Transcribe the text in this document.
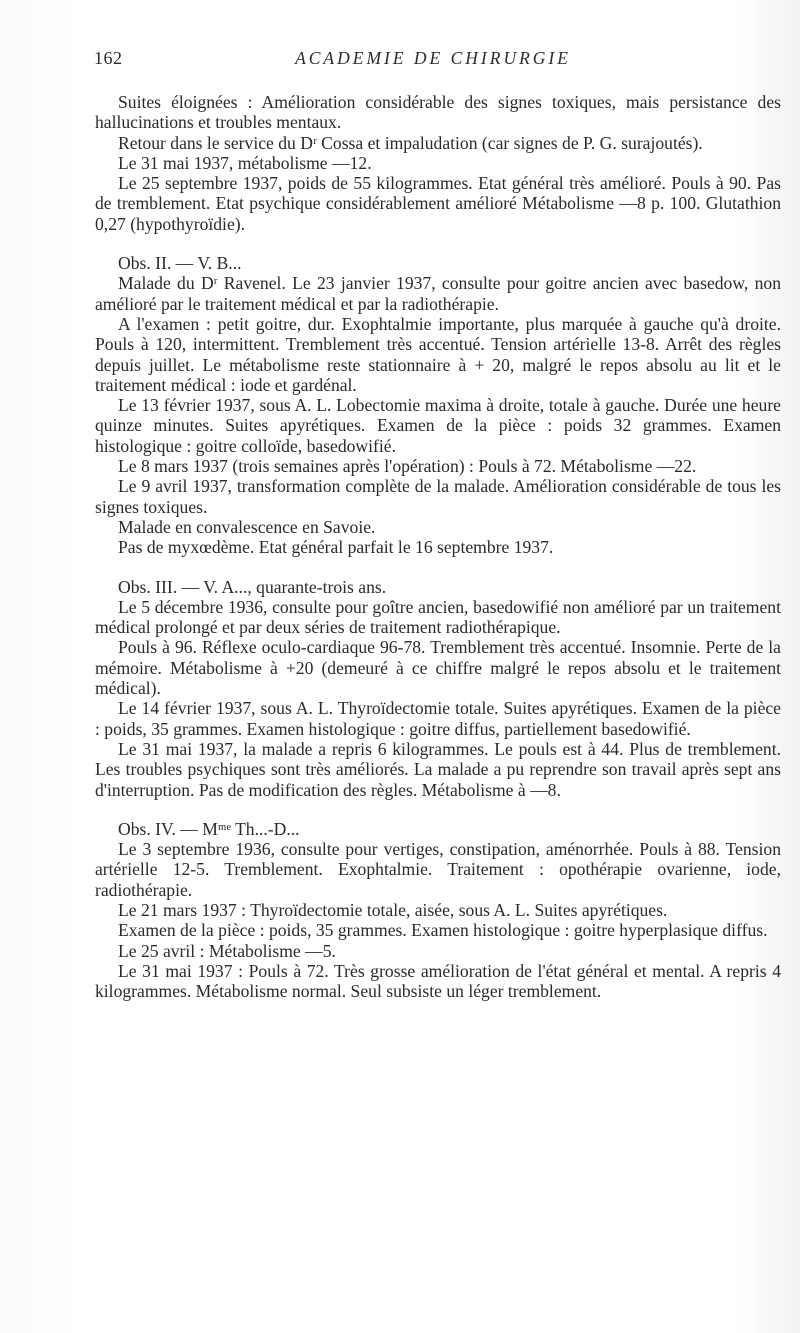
162	ACADEMIE DE CHIRURGIE

Suites éloignées : Amélioration considérable des signes toxiques, mais persistance des hallucinations et troubles mentaux.

Retour dans le service du Dʳ Cossa et impaludation (car signes de P. G. surajoutés).

Le 31 mai 1937, métabolisme —12.

Le 25 septembre 1937, poids de 55 kilogrammes. Etat général très amélioré. Pouls à 90. Pas de tremblement. Etat psychique considérablement amélioré Métabolisme —8 p. 100. Glutathion 0,27 (hypothyroïdie).

Obs. II. — V. B...

Malade du Dʳ Ravenel. Le 23 janvier 1937, consulte pour goitre ancien avec basedow, non amélioré par le traitement médical et par la radiothérapie.

A l'examen : petit goitre, dur. Exophtalmie importante, plus marquée à gauche qu'à droite. Pouls à 120, intermittent. Tremblement très accentué. Tension artérielle 13-8. Arrêt des règles depuis juillet. Le métabolisme reste stationnaire à + 20, malgré le repos absolu au lit et le traitement médical : iode et gardénal.

Le 13 février 1937, sous A. L. Lobectomie maxima à droite, totale à gauche. Durée une heure quinze minutes. Suites apyrétiques. Examen de la pièce : poids 32 grammes. Examen histologique : goitre colloïde, basedowifié.

Le 8 mars 1937 (trois semaines après l'opération) : Pouls à 72. Métabolisme —22.

Le 9 avril 1937, transformation complète de la malade. Amélioration considérable de tous les signes toxiques.

Malade en convalescence en Savoie.

Pas de myxœdème. Etat général parfait le 16 septembre 1937.

Obs. III. — V. A..., quarante-trois ans.

Le 5 décembre 1936, consulte pour goître ancien, basedowifié non amélioré par un traitement médical prolongé et par deux séries de traitement radiothérapique.

Pouls à 96. Réflexe oculo-cardiaque 96-78. Tremblement très accentué. Insomnie. Perte de la mémoire. Métabolisme à +20 (demeuré à ce chiffre malgré le repos absolu et le traitement médical).

Le 14 février 1937, sous A. L. Thyroïdectomie totale. Suites apyrétiques. Examen de la pièce : poids, 35 grammes. Examen histologique : goitre diffus, partiellement basedowifié.

Le 31 mai 1937, la malade a repris 6 kilogrammes. Le pouls est à 44. Plus de tremblement. Les troubles psychiques sont très améliorés. La malade a pu reprendre son travail après sept ans d'interruption. Pas de modification des règles. Métabolisme à —8.

Obs. IV. — Mᵐᵉ Th...-D...

Le 3 septembre 1936, consulte pour vertiges, constipation, aménorrhée. Pouls à 88. Tension artérielle 12-5. Tremblement. Exophtalmie. Traitement : opothérapie ovarienne, iode, radiothérapie.

Le 21 mars 1937 : Thyroïdectomie totale, aisée, sous A. L. Suites apyrétiques.

Examen de la pièce : poids, 35 grammes. Examen histologique : goitre hyperplasique diffus.

Le 25 avril : Métabolisme —5.

Le 31 mai 1937 : Pouls à 72. Très grosse amélioration de l'état général et mental. A repris 4 kilogrammes. Métabolisme normal. Seul subsiste un léger tremblement.
